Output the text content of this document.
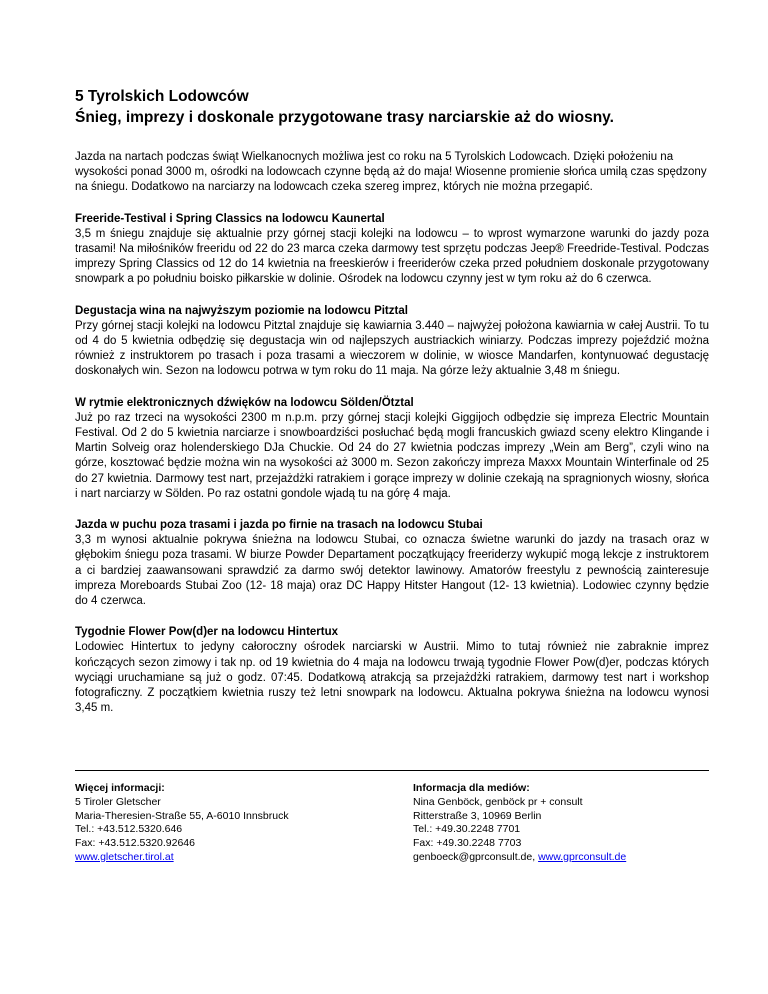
5 Tyrolskich Lodowców
Śnieg, imprezy i doskonale przygotowane trasy narciarskie aż do wiosny.

Jazda na nartach podczas świąt Wielkanocnych możliwa jest co roku na 5 Tyrolskich Lodowcach. Dzięki położeniu na wysokości ponad 3000 m, ośrodki na lodowcach czynne będą aż do maja! Wiosenne promienie słońca umilą czas spędzony na śniegu. Dodatkowo na narciarzy na lodowcach czeka szereg imprez, których nie można przegapić.

Freeride-Testival i Spring Classics na lodowcu Kaunertal

3,5 m śniegu znajduje się aktualnie przy górnej stacji kolejki na lodowcu – to wprost wymarzone warunki do jazdy poza trasami! Na miłośników freeridu od 22 do 23 marca czeka darmowy test sprzętu podczas Jeep® Freedride-Testival. Podczas imprezy Spring Classics od 12 do 14 kwietnia na freeskierów i freeriderów czeka przed południem doskonale przygotowany snowpark a po południu boisko piłkarskie w dolinie. Ośrodek na lodowcu czynny jest w tym roku aż do 6 czerwca.

Degustacja wina na najwyższym poziomie na lodowcu Pitztal

Przy górnej stacji kolejki na lodowcu Pitztal znajduje się kawiarnia 3.440 – najwyżej położona kawiarnia w całej Austrii. To tu od 4 do 5 kwietnia odbędzię się degustacja win od najlepszych austriackich winiarzy. Podczas imprezy pojeździć można również z instruktorem po trasach i poza trasami a wieczorem w dolinie, w wiosce Mandarfen, kontynuować degustację doskonałych win. Sezon na lodowcu potrwa w tym roku do 11 maja. Na górze leży aktualnie 3,48 m śniegu.

W rytmie elektronicznych dźwięków na lodowcu Sölden/Ötztal

Już po raz trzeci na wysokości 2300 m n.p.m. przy górnej stacji kolejki Giggijoch odbędzie się impreza Electric Mountain Festival. Od 2 do 5 kwietnia narciarze i snowboardziści posłuchać będą mogli francuskich gwiazd sceny elektro Klingande i Martin Solveig oraz holenderskiego DJa Chuckie. Od 24 do 27 kwietnia podczas imprezy „Wein am Berg”, czyli wino na górze, kosztować będzie można win na wysokości aż 3000 m. Sezon zakończy impreza Maxxx Mountain Winterfinale od 25 do 27 kwietnia. Darmowy test nart, przejażdżki ratrakiem i gorące imprezy w dolinie czekają na spragnionych wiosny, słońca i nart narciarzy w Sölden. Po raz ostatni gondole wjadą tu na górę 4 maja.

Jazda w puchu poza trasami i jazda po firnie na trasach na lodowcu Stubai

3,3 m wynosi aktualnie pokrywa śnieżna na lodowcu Stubai, co oznacza świetne warunki do jazdy na trasach oraz w głębokim śniegu poza trasami. W biurze Powder Departament początkujący freeriderzy wykupić mogą lekcje z instruktorem a ci bardziej zaawansowani sprawdzić za darmo swój detektor lawinowy. Amatorów freestylu z pewnością zainteresuje impreza Moreboards Stubai Zoo (12- 18 maja) oraz DC Happy Hitster Hangout (12- 13 kwietnia). Lodowiec czynny będzie do 4 czerwca.

Tygodnie Flower Pow(d)er na lodowcu Hintertux

Lodowiec Hintertux to jedyny całoroczny ośrodek narciarski w Austrii. Mimo to tutaj również nie zabraknie imprez kończących sezon zimowy i tak np. od 19 kwietnia do 4 maja na lodowcu trwają tygodnie Flower Pow(d)er, podczas których wyciągi uruchamiane są już o godz. 07:45. Dodatkową atrakcją sa przejażdżki ratrakiem, darmowy test nart i workshop fotograficzny. Z początkiem kwietnia ruszy też letni snowpark na lodowcu. Aktualna pokrywa śnieżna na lodowcu wynosi 3,45 m.

Więcej informacji:
5 Tiroler Gletscher
Maria-Theresien-Straße 55, A-6010 Innsbruck
Tel.: +43.512.5320.646
Fax: +43.512.5320.92646
www.gletscher.tirol.at
Informacja dla mediów:
Nina Genböck, genböck pr + consult
Ritterstraße 3, 10969 Berlin
Tel.: +49.30.2248 7701
Fax: +49.30.2248 7703
genboeck@gprconsult.de, www.gprconsult.de
